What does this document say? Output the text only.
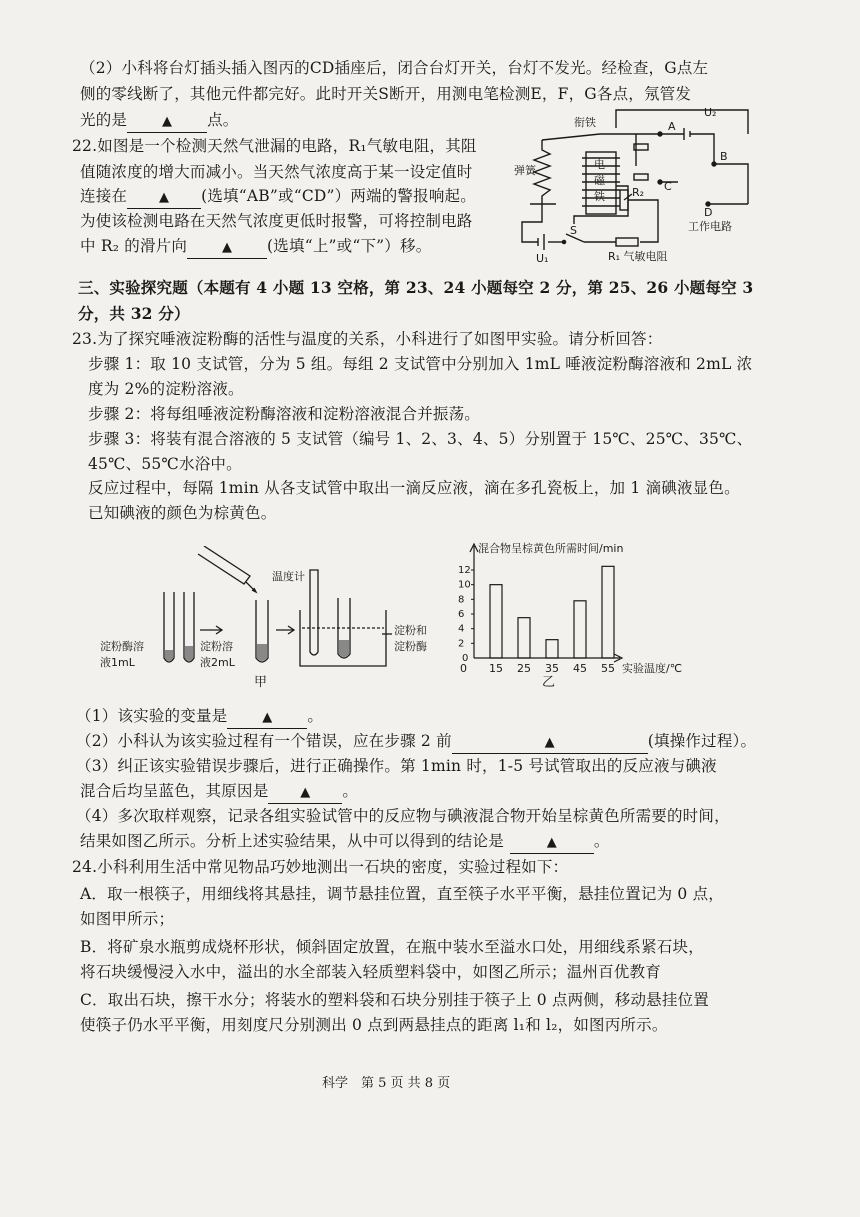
（2）小科将台灯插头插入图丙的CD插座后，闭合台灯开关，台灯不发光。经检查，G点左
侧的零线断了，其他元件都完好。此时开关S断开，用测电笔检测E，F，G各点，氖管发
光的是	▲ 点。
22.如图是一个检测天然气泄漏的电路，R₁气敏电阻，其阻
值随浓度的增大而减小。当天然气浓度高于某一设定值时
连接在 ▲ (选填“AB”或“CD”）两端的警报响起。
为使该检测电路在天然气浓度更低时报警，可将控制电路
中 R₂ 的滑片向	▲ (选填“上”或“下”）移。
弹簧
衔铁
电
磁
铁
A
U₂
B
C
D
工作电路
R₂
S
U₁	R₁ 气敏电阻
三、实验探究题（本题有 4 小题 13 空格，第 23、24 小题每空 2 分，第 25、26 小题每空 3
分，共 32 分）
23.为了探究唾液淀粉酶的活性与温度的关系，小科进行了如图甲实验。请分析回答：
步骤 1：取 10 支试管，分为 5 组。每组 2 支试管中分别加入 1mL 唾液淀粉酶溶液和 2mL 浓
度为 2%的淀粉溶液。
步骤 2：将每组唾液淀粉酶溶液和淀粉溶液混合并振荡。
步骤 3：将装有混合溶液的 5 支试管（编号 1、2、3、4、5）分别置于 15℃、25℃、35℃、
45℃、55℃水浴中。
反应过程中，每隔 1min 从各支试管中取出一滴反应液，滴在多孔瓷板上，加 1 滴碘液显色。
已知碘液的颜色为棕黄色。
淀粉酶溶
液1mL
淀粉溶
液2mL
温度计
淀粉和
淀粉酶
甲
混合物呈棕黄色所需时间/min
实验温度/℃
0
乙
0
2
4
6
8
10
12
15 25 35 45 55
（1）该实验的变量是	▲ 。
（2）小科认为该实验过程有一个错误，应在步骤 2 前	▲	(填操作过程）。
（3）纠正该实验错误步骤后，进行正确操作。第 1min 时，1-5 号试管取出的反应液与碘液
混合后均呈蓝色，其原因是 ▲ 。
（4）多次取样观察，记录各组实验试管中的反应物与碘液混合物开始呈棕黄色所需要的时间，
结果如图乙所示。分析上述实验结果，从中可以得到的结论是	▲ 。
24.小科利用生活中常见物品巧妙地测出一石块的密度，实验过程如下：
A．取一根筷子，用细线将其悬挂，调节悬挂位置，直至筷子水平平衡，悬挂位置记为 0 点，
如图甲所示；
B．将矿泉水瓶剪成烧杯形状，倾斜固定放置，在瓶中装水至溢水口处，用细线系紧石块，
将石块缓慢浸入水中，溢出的水全部装入轻质塑料袋中，如图乙所示；温州百优教育
C．取出石块，擦干水分；将装水的塑料袋和石块分别挂于筷子上 0 点两侧，移动悬挂位置
使筷子仍水平平衡，用刻度尺分别测出 0 点到两悬挂点的距离 l₁和 l₂，如图丙所示。
科学　第 5 页 共 8 页
